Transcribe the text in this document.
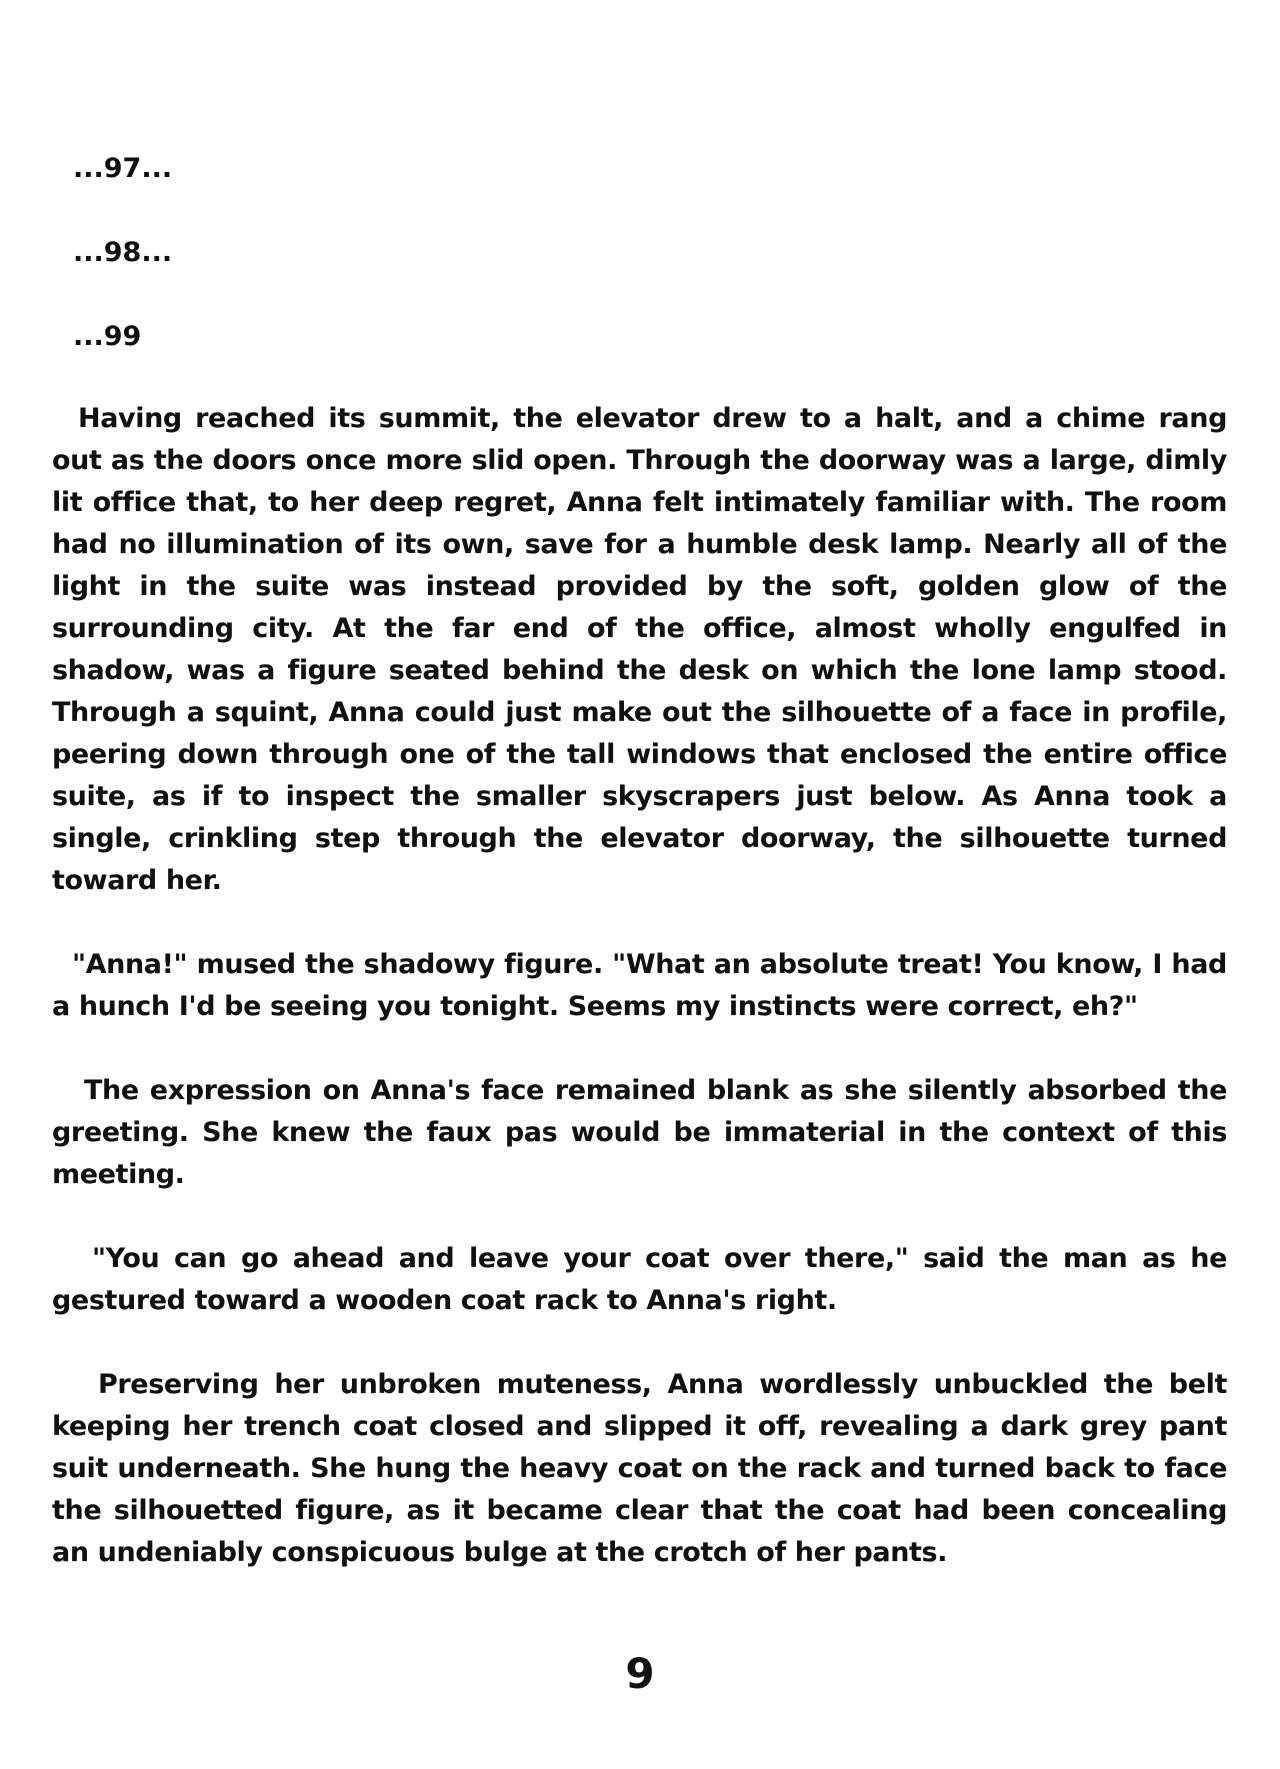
...97...

...98...

...99

Having reached its summit, the elevator drew to a halt, and a chime rang out as the doors once more slid open. Through the doorway was a large, dimly lit office that, to her deep regret, Anna felt intimately familiar with. The room had no illumination of its own, save for a humble desk lamp. Nearly all of the light in the suite was instead provided by the soft, golden glow of the surrounding city. At the far end of the office, almost wholly engulfed in shadow, was a figure seated behind the desk on which the lone lamp stood. Through a squint, Anna could just make out the silhouette of a face in profile, peering down through one of the tall windows that enclosed the entire office suite, as if to inspect the smaller skyscrapers just below. As Anna took a single, crinkling step through the elevator doorway, the silhouette turned toward her.

"Anna!" mused the shadowy figure. "What an absolute treat! You know, I had a hunch I'd be seeing you tonight. Seems my instincts were correct, eh?"

The expression on Anna's face remained blank as she silently absorbed the greeting. She knew the faux pas would be immaterial in the context of this meeting.

"You can go ahead and leave your coat over there," said the man as he gestured toward a wooden coat rack to Anna's right.

Preserving her unbroken muteness, Anna wordlessly unbuckled the belt keeping her trench coat closed and slipped it off, revealing a dark grey pant suit underneath. She hung the heavy coat on the rack and turned back to face the silhouetted figure, as it became clear that the coat had been concealing an undeniably conspicuous bulge at the crotch of her pants.

9
